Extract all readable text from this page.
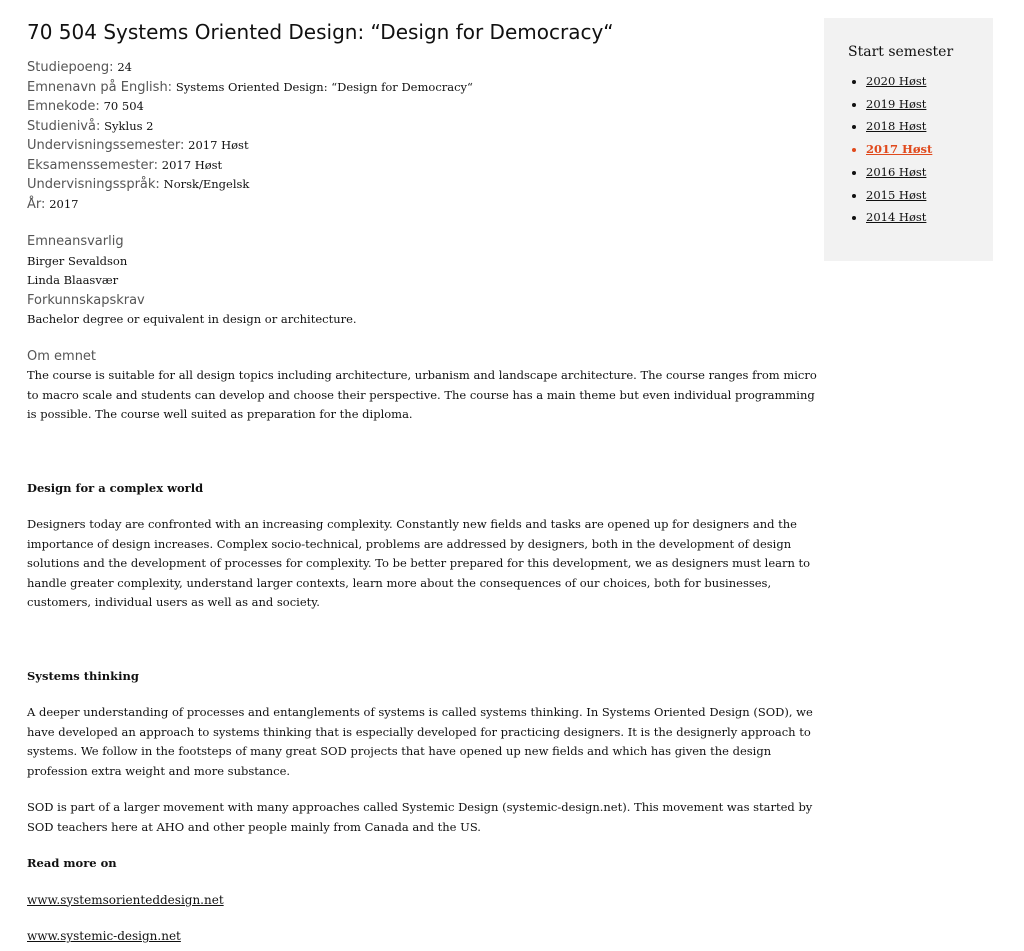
70 504 Systems Oriented Design: “Design for Democracy“
Studiepoeng: 24
Emnenavn på English: Systems Oriented Design: “Design for Democracy“
Emnekode: 70 504
Studienivå: Syklus 2
Undervisningssemester: 2017 Høst
Eksamenssemester: 2017 Høst
Undervisningsspråk: Norsk/Engelsk
År: 2017
Emneansvarlig
Birger Sevaldson
Linda Blaasvær
Forkunnskapskrav
Bachelor degree or equivalent in design or architecture.
Om emnet

The course is suitable for all design topics including architecture, urbanism and landscape architecture. The course ranges from micro to macro scale and students can develop and choose their perspective. The course has a main theme but even individual programming is possible. The course well suited as preparation for the diploma.

Design for a complex world

Designers today are confronted with an increasing complexity. Constantly new fields and tasks are opened up for designers and the importance of design increases. Complex socio-technical, problems are addressed by designers, both in the development of design solutions and the development of processes for complexity. To be better prepared for this development, we as designers must learn to handle greater complexity, understand larger contexts, learn more about the consequences of our choices, both for businesses, customers, individual users as well as and society.

Systems thinking

A deeper understanding of processes and entanglements of systems is called systems thinking. In Systems Oriented Design (SOD), we have developed an approach to systems thinking that is especially developed for practicing designers. It is the designerly approach to systems. We follow in the footsteps of many great SOD projects that have opened up new fields and which has given the design profession extra weight and more substance.

SOD is part of a larger movement with many approaches called Systemic Design (systemic-design.net). This movement was started by SOD teachers here at AHO and other people mainly from Canada and the US.

Read more on

www.systemsorienteddesign.net
www.systemic-design.net
Start semester
• 2020 Høst
• 2019 Høst
• 2018 Høst
• 2017 Høst
• 2016 Høst
• 2015 Høst
• 2014 Høst
